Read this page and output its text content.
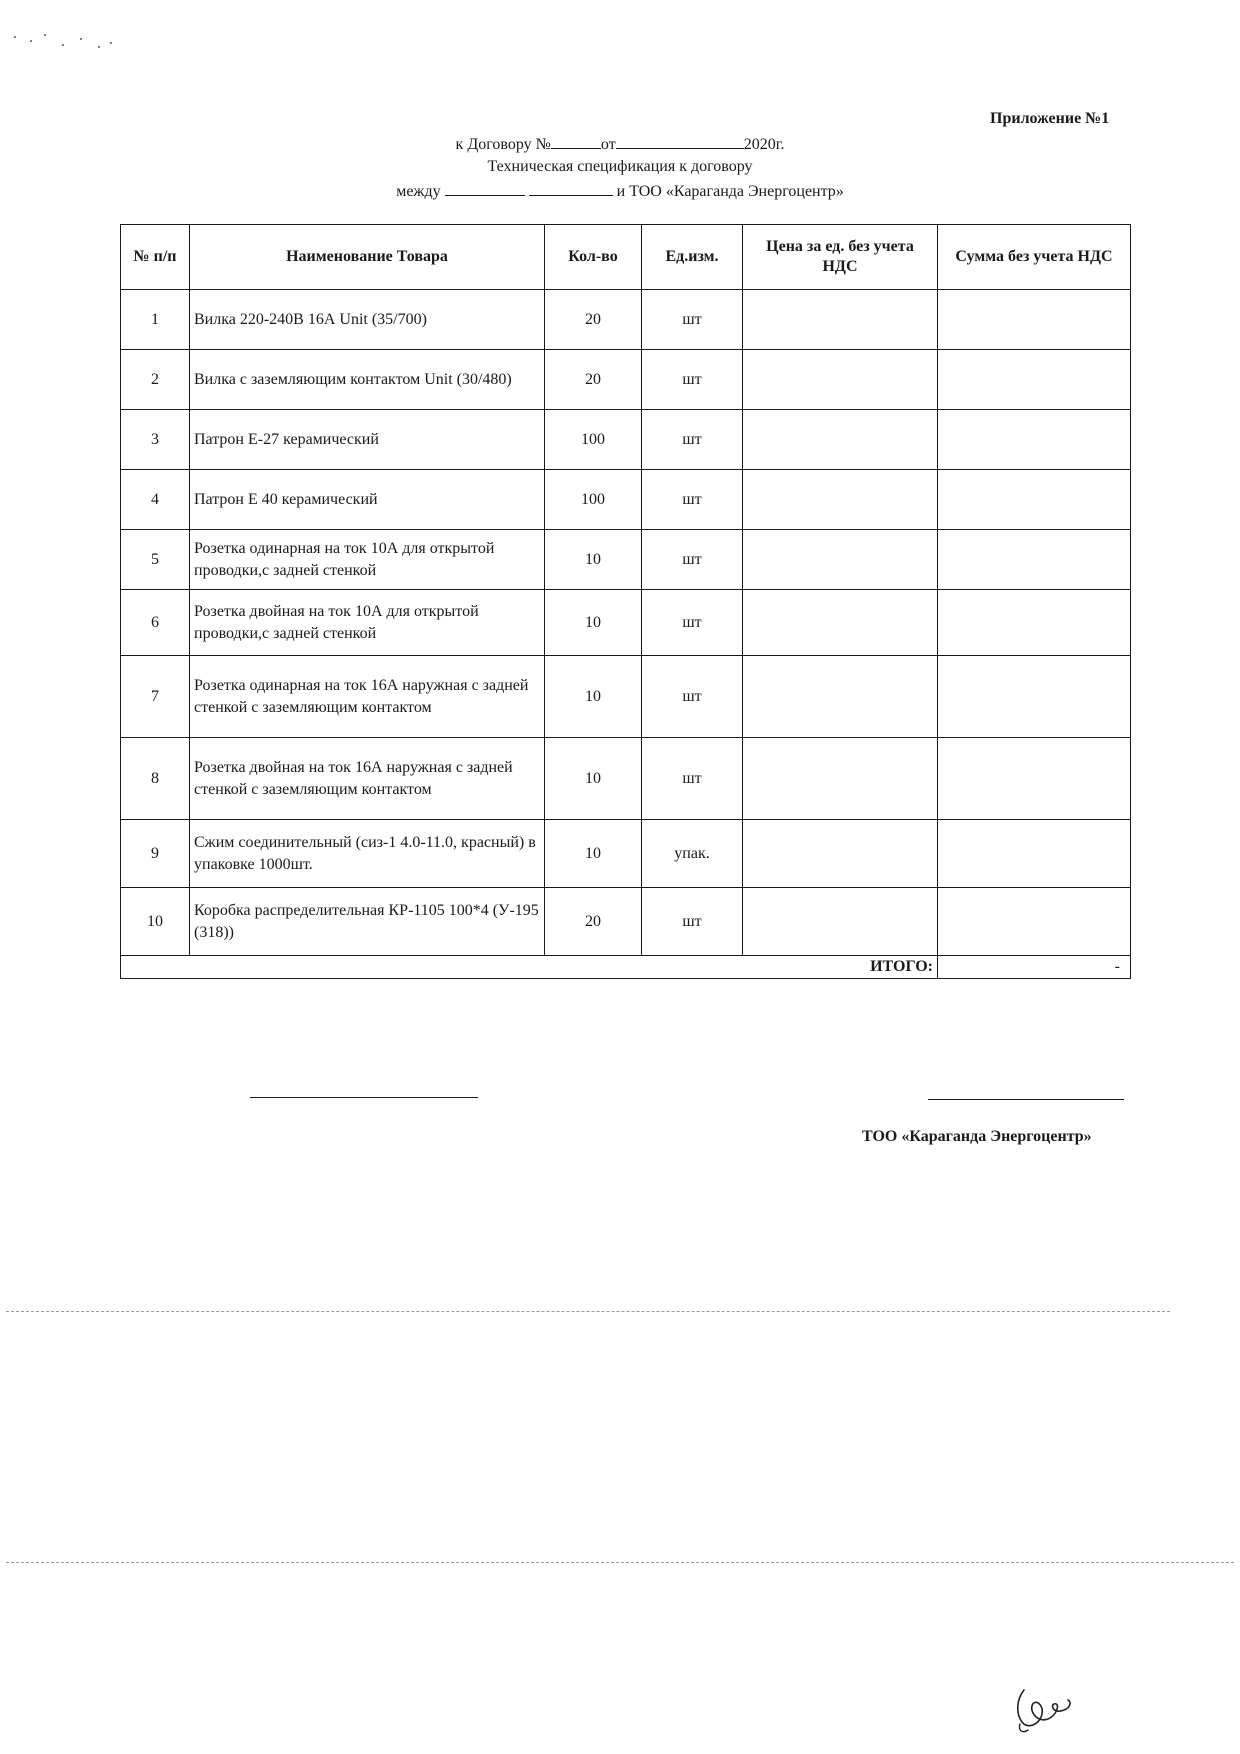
Приложение №1
к Договору №	от	2020г.
Техническая спецификация к договору
между	и ТОО «Караганда Энергоцентр»
№ п/п	Наименование Товара	Кол-во	Ед.изм.	Цена за ед. без учета НДС	Сумма без учета НДС
1	Вилка 220-240В 16А Unit (35/700)	20	шт		
2	Вилка с заземляющим контактом Unit (30/480)	20	шт		
3	Патрон Е-27 керамический	100	шт		
4	Патрон Е 40 керамический	100	шт		
5	Розетка одинарная на ток 10А для открытой проводки,с задней стенкой	10	шт		
6	Розетка двойная на ток 10А для открытой проводки,с задней стенкой	10	шт		
7	Розетка одинарная на ток 16А наружная с задней стенкой с заземляющим контактом	10	шт		
8	Розетка двойная на ток 16А наружная с задней стенкой с заземляющим контактом	10	шт		
9	Сжим соединительный (сиз-1 4.0-11.0, красный) в упаковке 1000шт.	10	упак.		
10	Коробка распределительная КР-1105 100*4 (У-195 (318))	20	шт		
ИТОГО:					-
ТОО «Караганда Энергоцентр»
